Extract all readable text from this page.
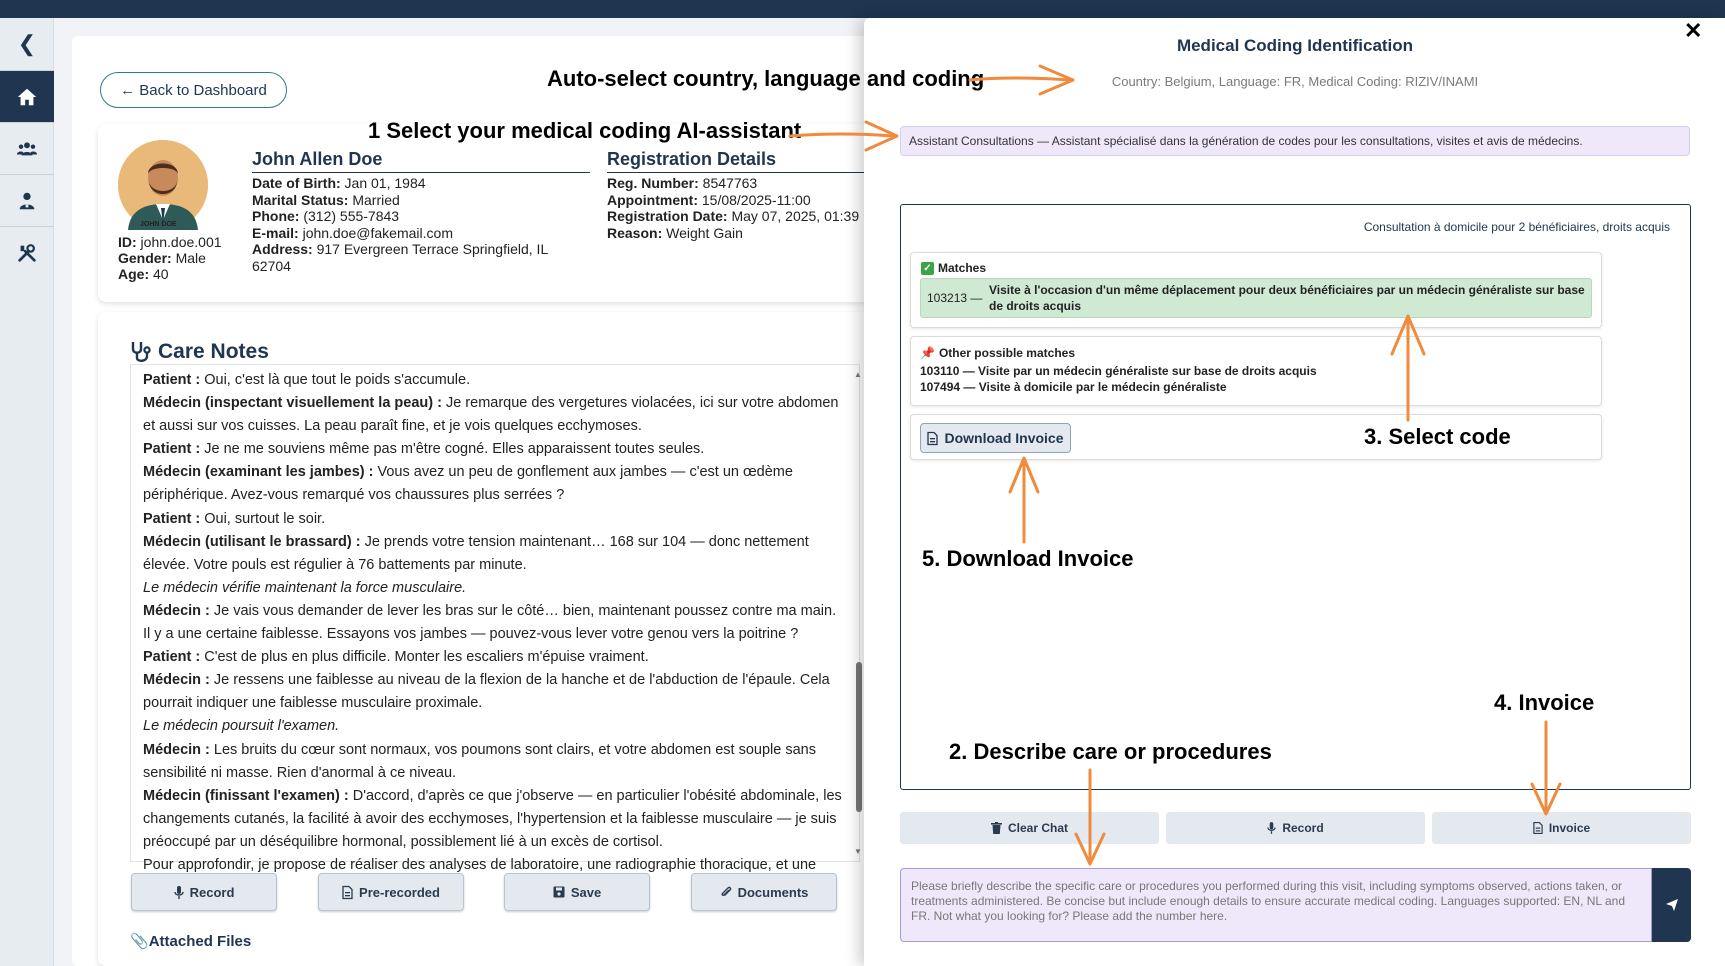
❮
← Back to Dashboard
JOHN DOE
ID: john.doe.001
Gender: Male
Age: 40
John Allen Doe
Date of Birth: Jan 01, 1984
Marital Status: Married
Phone: (312) 555-7843
E-mail: john.doe@fakemail.com
Address: 917 Evergreen Terrace Springfield, IL 62704
Registration Details
Reg. Number: 8547763
Appointment: 15/08/2025-11:00
Registration Date: May 07, 2025, 01:39
Reason: Weight Gain
Care Notes

Patient : Oui, c'est là que tout le poids s'accumule.

Médecin (inspectant visuellement la peau) : Je remarque des vergetures violacées, ici sur votre abdomen et aussi sur vos cuisses. La peau paraît fine, et je vois quelques ecchymoses.

Patient : Je ne me souviens même pas m'être cogné. Elles apparaissent toutes seules.

Médecin (examinant les jambes) : Vous avez un peu de gonflement aux jambes — c'est un œdème périphérique. Avez-vous remarqué vos chaussures plus serrées ?

Patient : Oui, surtout le soir.

Médecin (utilisant le brassard) : Je prends votre tension maintenant… 168 sur 104 — donc nettement élevée. Votre pouls est régulier à 76 battements par minute.

Le médecin vérifie maintenant la force musculaire.

Médecin : Je vais vous demander de lever les bras sur le côté… bien, maintenant poussez contre ma main. Il y a une certaine faiblesse. Essayons vos jambes — pouvez-vous lever votre genou vers la poitrine ?

Patient : C'est de plus en plus difficile. Monter les escaliers m'épuise vraiment.

Médecin : Je ressens une faiblesse au niveau de la flexion de la hanche et de l'abduction de l'épaule. Cela pourrait indiquer une faiblesse musculaire proximale.

Le médecin poursuit l'examen.

Médecin : Les bruits du cœur sont normaux, vos poumons sont clairs, et votre abdomen est souple sans sensibilité ni masse. Rien d'anormal à ce niveau.

Médecin (finissant l'examen) : D'accord, d'après ce que j'observe — en particulier l'obésité abdominale, les changements cutanés, la facilité à avoir des ecchymoses, l'hypertension et la faiblesse musculaire — je suis préoccupé par un déséquilibre hormonal, possiblement lié à un excès de cortisol.

Pour approfondir, je propose de réaliser des analyses de laboratoire, une radiographie thoracique, et une

▲
▼
Record	Pre-recorded	Save	Documents
📎Attached Files
✕
Medical Coding Identification
Country: Belgium, Language: FR, Medical Coding: RIZIV/INAMI
Assistant Consultations — Assistant spécialisé dans la génération de codes pour les consultations, visites et avis de médecins.
Consultation à domicile pour 2 bénéficiaires, droits acquis
✓ Matches
103213 —
Visite à l'occasion d'un même déplacement pour deux bénéficiaires par un médecin généraliste sur base de droits acquis
📌 Other possible matches
103110 — Visite par un médecin généraliste sur base de droits acquis
107494 — Visite à domicile par le médecin généraliste
Download Invoice
Clear Chat	Record	Invoice
Please briefly describe the specific care or procedures you performed during this visit, including symptoms observed, actions taken, or treatments administered. Be concise but include enough details to ensure accurate medical coding. Languages supported: EN, NL and FR. Not what you looking for? Please add the number here.
Auto-select country, language and coding
1 Select your medical coding AI-assistant
3. Select code
5. Download Invoice
4. Invoice
2. Describe care or procedures
